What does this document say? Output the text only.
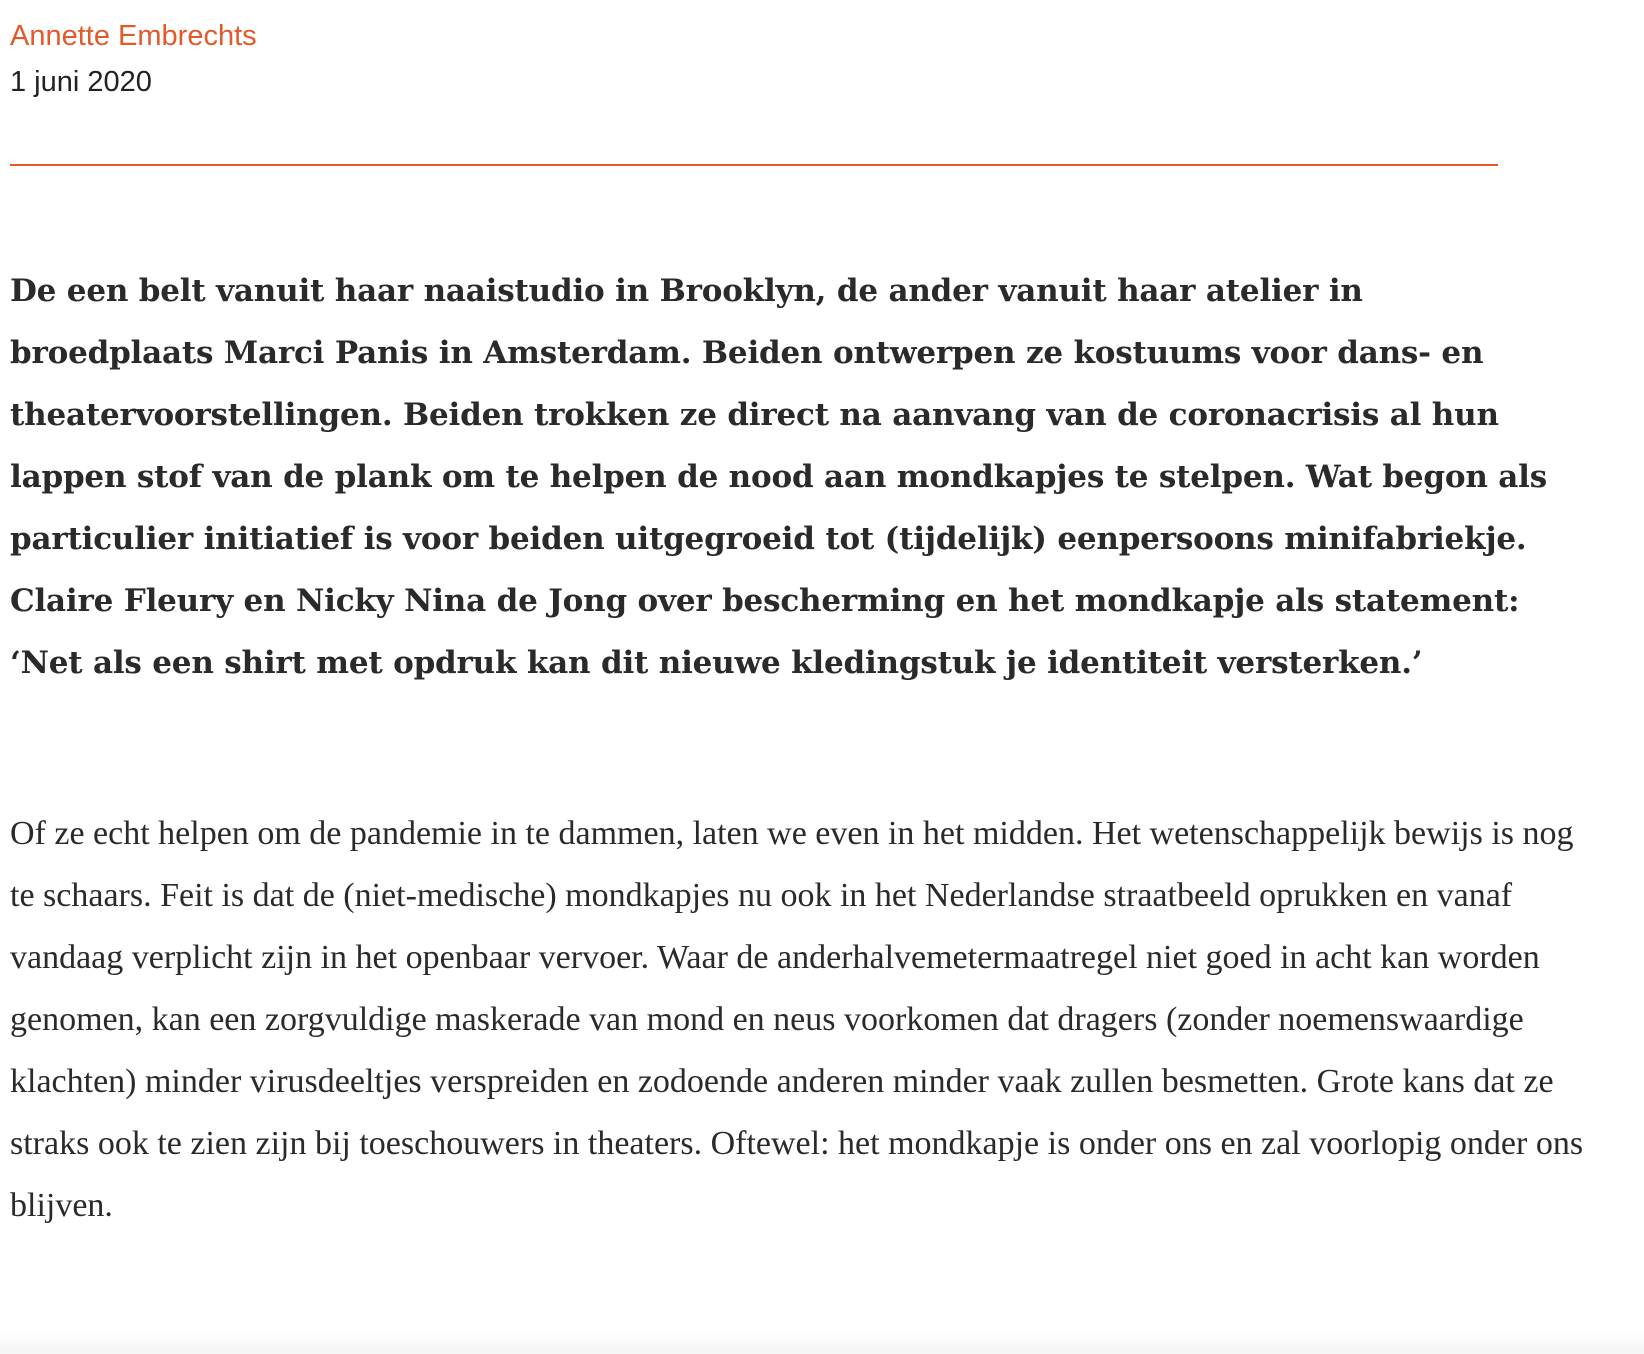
Annette Embrechts
1 juni 2020

De een belt vanuit haar naaistudio in Brooklyn, de ander vanuit haar atelier in broedplaats Marci Panis in Amsterdam. Beiden ontwerpen ze kostuums voor dans- en theatervoorstellingen. Beiden trokken ze direct na aanvang van de coronacrisis al hun lappen stof van de plank om te helpen de nood aan mondkapjes te stelpen. Wat begon als particulier initiatief is voor beiden uitgegroeid tot (tijdelijk) eenpersoons minifabriekje. Claire Fleury en Nicky Nina de Jong over bescherming en het mondkapje als statement: ‘Net als een shirt met opdruk kan dit nieuwe kledingstuk je identiteit versterken.’

Of ze echt helpen om de pandemie in te dammen, laten we even in het midden. Het wetenschappelijk bewijs is nog te schaars. Feit is dat de (niet-medische) mondkapjes nu ook in het Nederlandse straatbeeld oprukken en vanaf vandaag verplicht zijn in het openbaar vervoer. Waar de anderhalvemetermaatregel niet goed in acht kan worden genomen, kan een zorgvuldige maskerade van mond en neus voorkomen dat dragers (zonder noemenswaardige klachten) minder virusdeeltjes verspreiden en zodoende anderen minder vaak zullen besmetten. Grote kans dat ze straks ook te zien zijn bij toeschouwers in theaters. Oftewel: het mondkapje is onder ons en zal voorlopig onder ons blijven.
